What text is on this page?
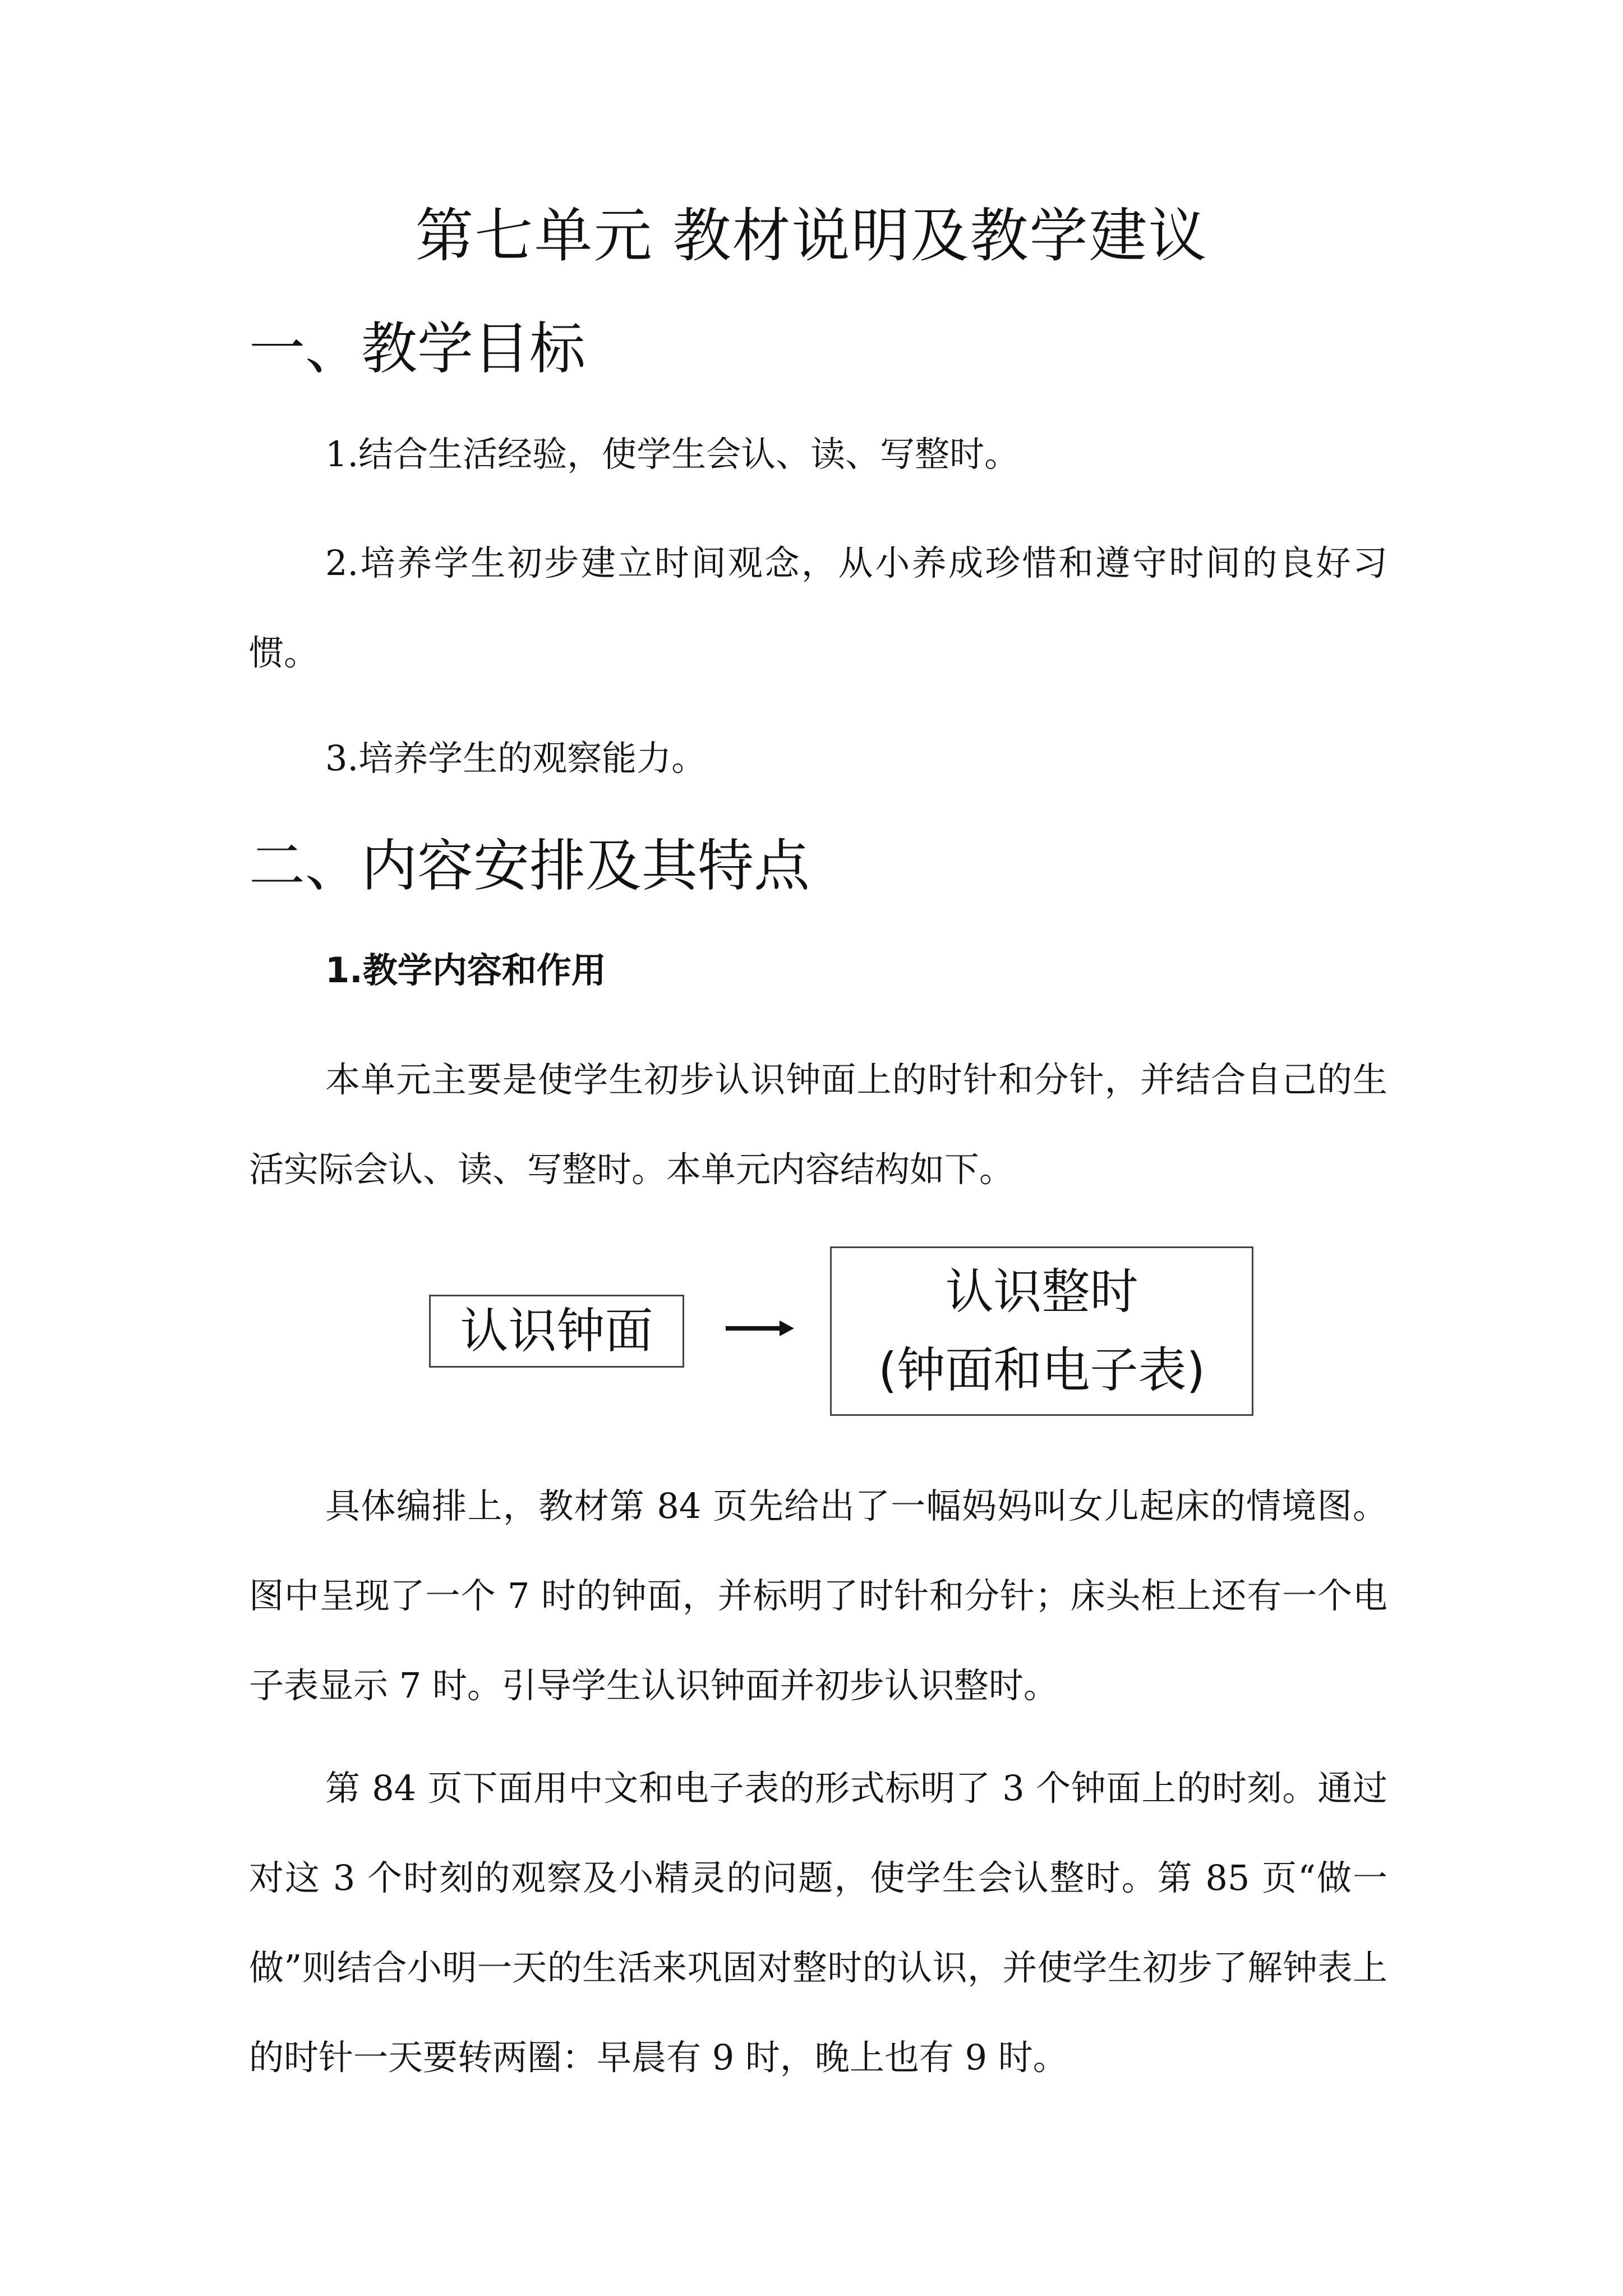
第七单元 教材说明及教学建议
一、教学目标

1.结合生活经验，使学生会认、读、写整时。

2.培养学生初步建立时间观念，从小养成珍惜和遵守时间的良好习惯。

3.培养学生的观察能力。

二、内容安排及其特点

1.教学内容和作用

本单元主要是使学生初步认识钟面上的时针和分针，并结合自己的生活实际会认、读、写整时。本单元内容结构如下。

认识钟面
认识整时
(钟面和电子表)

具体编排上，教材第 84 页先给出了一幅妈妈叫女儿起床的情境图。图中呈现了一个 7 时的钟面，并标明了时针和分针；床头柜上还有一个电子表显示 7 时。引导学生认识钟面并初步认识整时。

第 84 页下面用中文和电子表的形式标明了 3 个钟面上的时刻。通过对这 3 个时刻的观察及小精灵的问题，使学生会认整时。第 85 页“做一做”则结合小明一天的生活来巩固对整时的认识，并使学生初步了解钟表上的时针一天要转两圈：早晨有 9 时，晚上也有 9 时。
